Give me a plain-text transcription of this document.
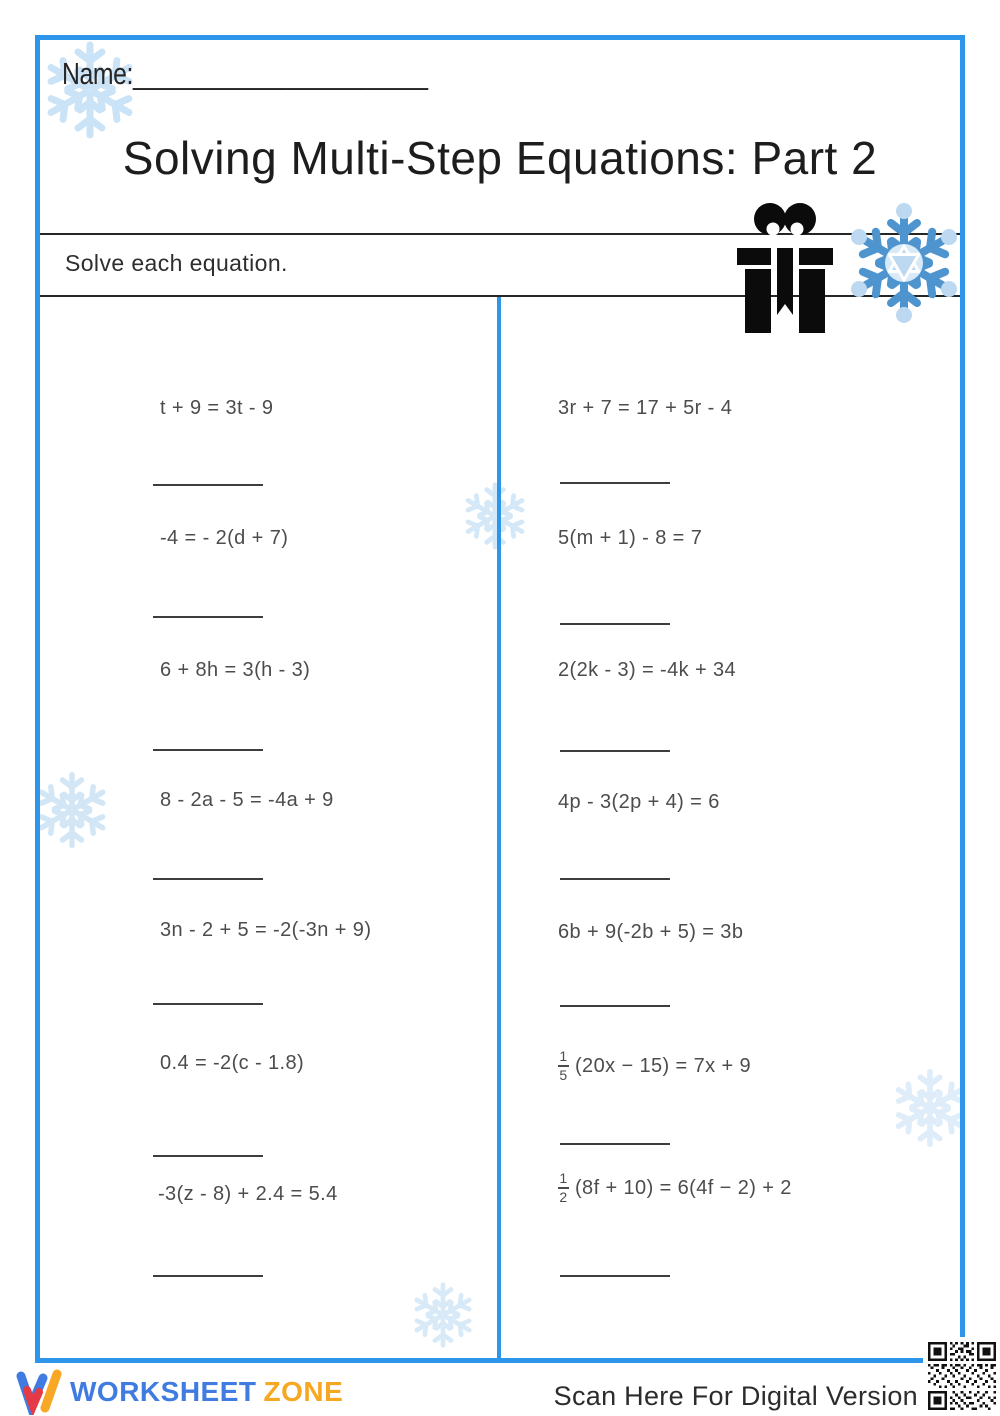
Name:______________________
Solving Multi-Step Equations: Part 2
Solve each equation.
t + 9 = 3t - 9
-4 = - 2(d + 7)
6 + 8h = 3(h - 3)
8 - 2a - 5 = -4a + 9
3n - 2 + 5 = -2(-3n + 9)
0.4 = -2(c - 1.8)
-3(z - 8) + 2.4 = 5.4
3r + 7 = 17 + 5r - 4
5(m + 1) - 8 = 7
2(2k - 3) = -4k + 34
4p - 3(2p + 4) = 6
6b + 9(-2b + 5) = 3b
$\frac{1}{5} (20x - 15) = 7x + 9$
$\frac{1}{2} (8f + 10) = 6(4f - 2) + 2$
WORKSHEET ZONE	Scan Here For Digital Version
